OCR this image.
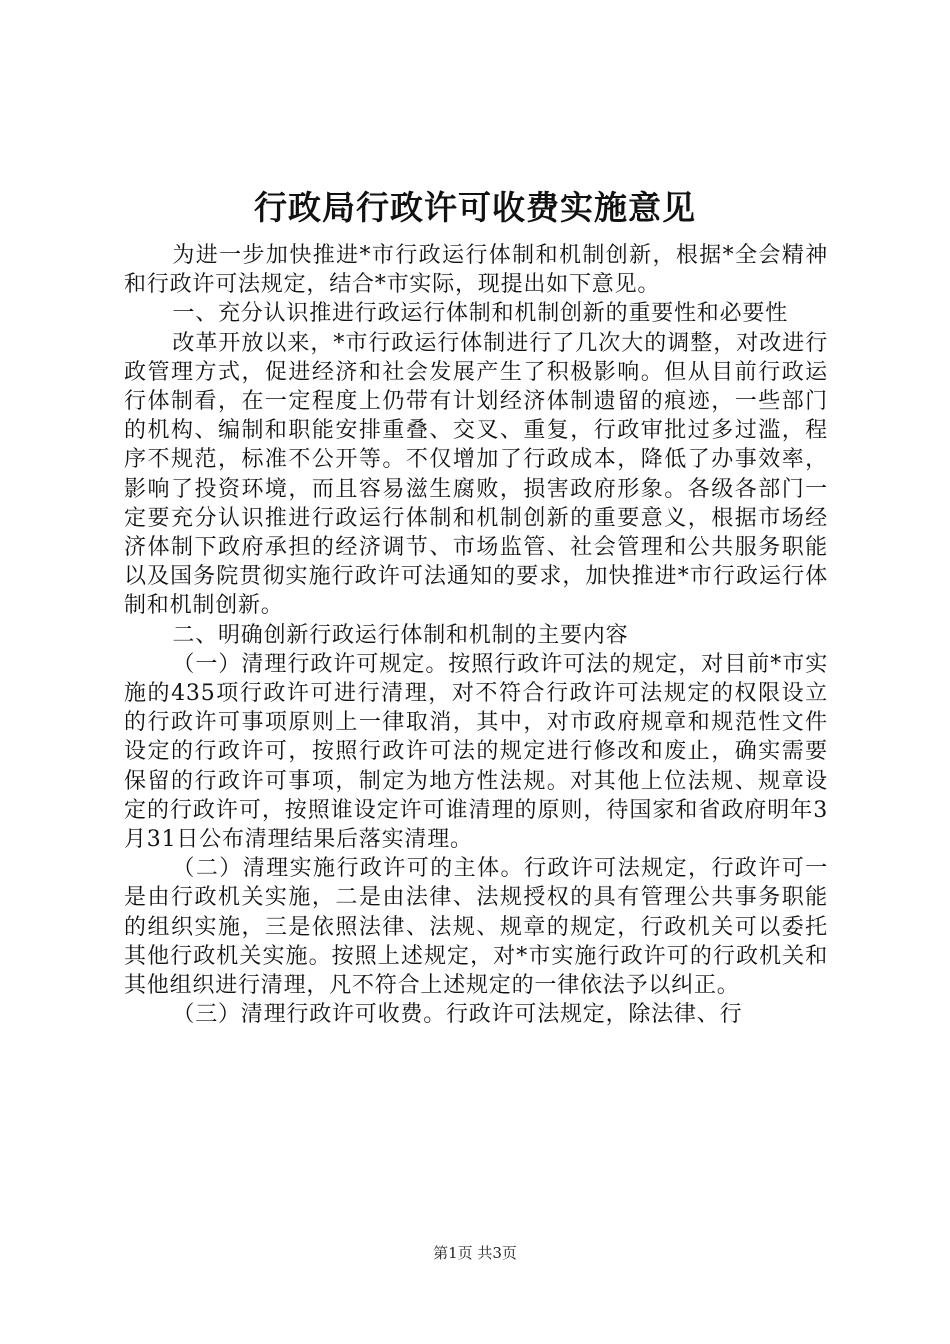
行政局行政许可收费实施意见

为进一步加快推进*市行政运行体制和机制创新，根据*全会精神和行政许可法规定，结合*市实际，现提出如下意见。

一、充分认识推进行政运行体制和机制创新的重要性和必要性

改革开放以来，*市行政运行体制进行了几次大的调整，对改进行政管理方式，促进经济和社会发展产生了积极影响。但从目前行政运行体制看，在一定程度上仍带有计划经济体制遗留的痕迹，一些部门的机构、编制和职能安排重叠、交叉、重复，行政审批过多过滥，程序不规范，标准不公开等。不仅增加了行政成本，降低了办事效率，影响了投资环境，而且容易滋生腐败，损害政府形象。各级各部门一定要充分认识推进行政运行体制和机制创新的重要意义，根据市场经济体制下政府承担的经济调节、市场监管、社会管理和公共服务职能以及国务院贯彻实施行政许可法通知的要求，加快推进*市行政运行体制和机制创新。

二、明确创新行政运行体制和机制的主要内容

（一）清理行政许可规定。按照行政许可法的规定，对目前*市实施的435项行政许可进行清理，对不符合行政许可法规定的权限设立的行政许可事项原则上一律取消，其中，对市政府规章和规范性文件设定的行政许可，按照行政许可法的规定进行修改和废止，确实需要保留的行政许可事项，制定为地方性法规。对其他上位法规、规章设定的行政许可，按照谁设定许可谁清理的原则，待国家和省政府明年3月31日公布清理结果后落实清理。

（二）清理实施行政许可的主体。行政许可法规定，行政许可一是由行政机关实施，二是由法律、法规授权的具有管理公共事务职能的组织实施，三是依照法律、法规、规章的规定，行政机关可以委托其他行政机关实施。按照上述规定，对*市实施行政许可的行政机关和其他组织进行清理，凡不符合上述规定的一律依法予以纠正。

（三）清理行政许可收费。行政许可法规定，除法律、行

第1页 共3页
